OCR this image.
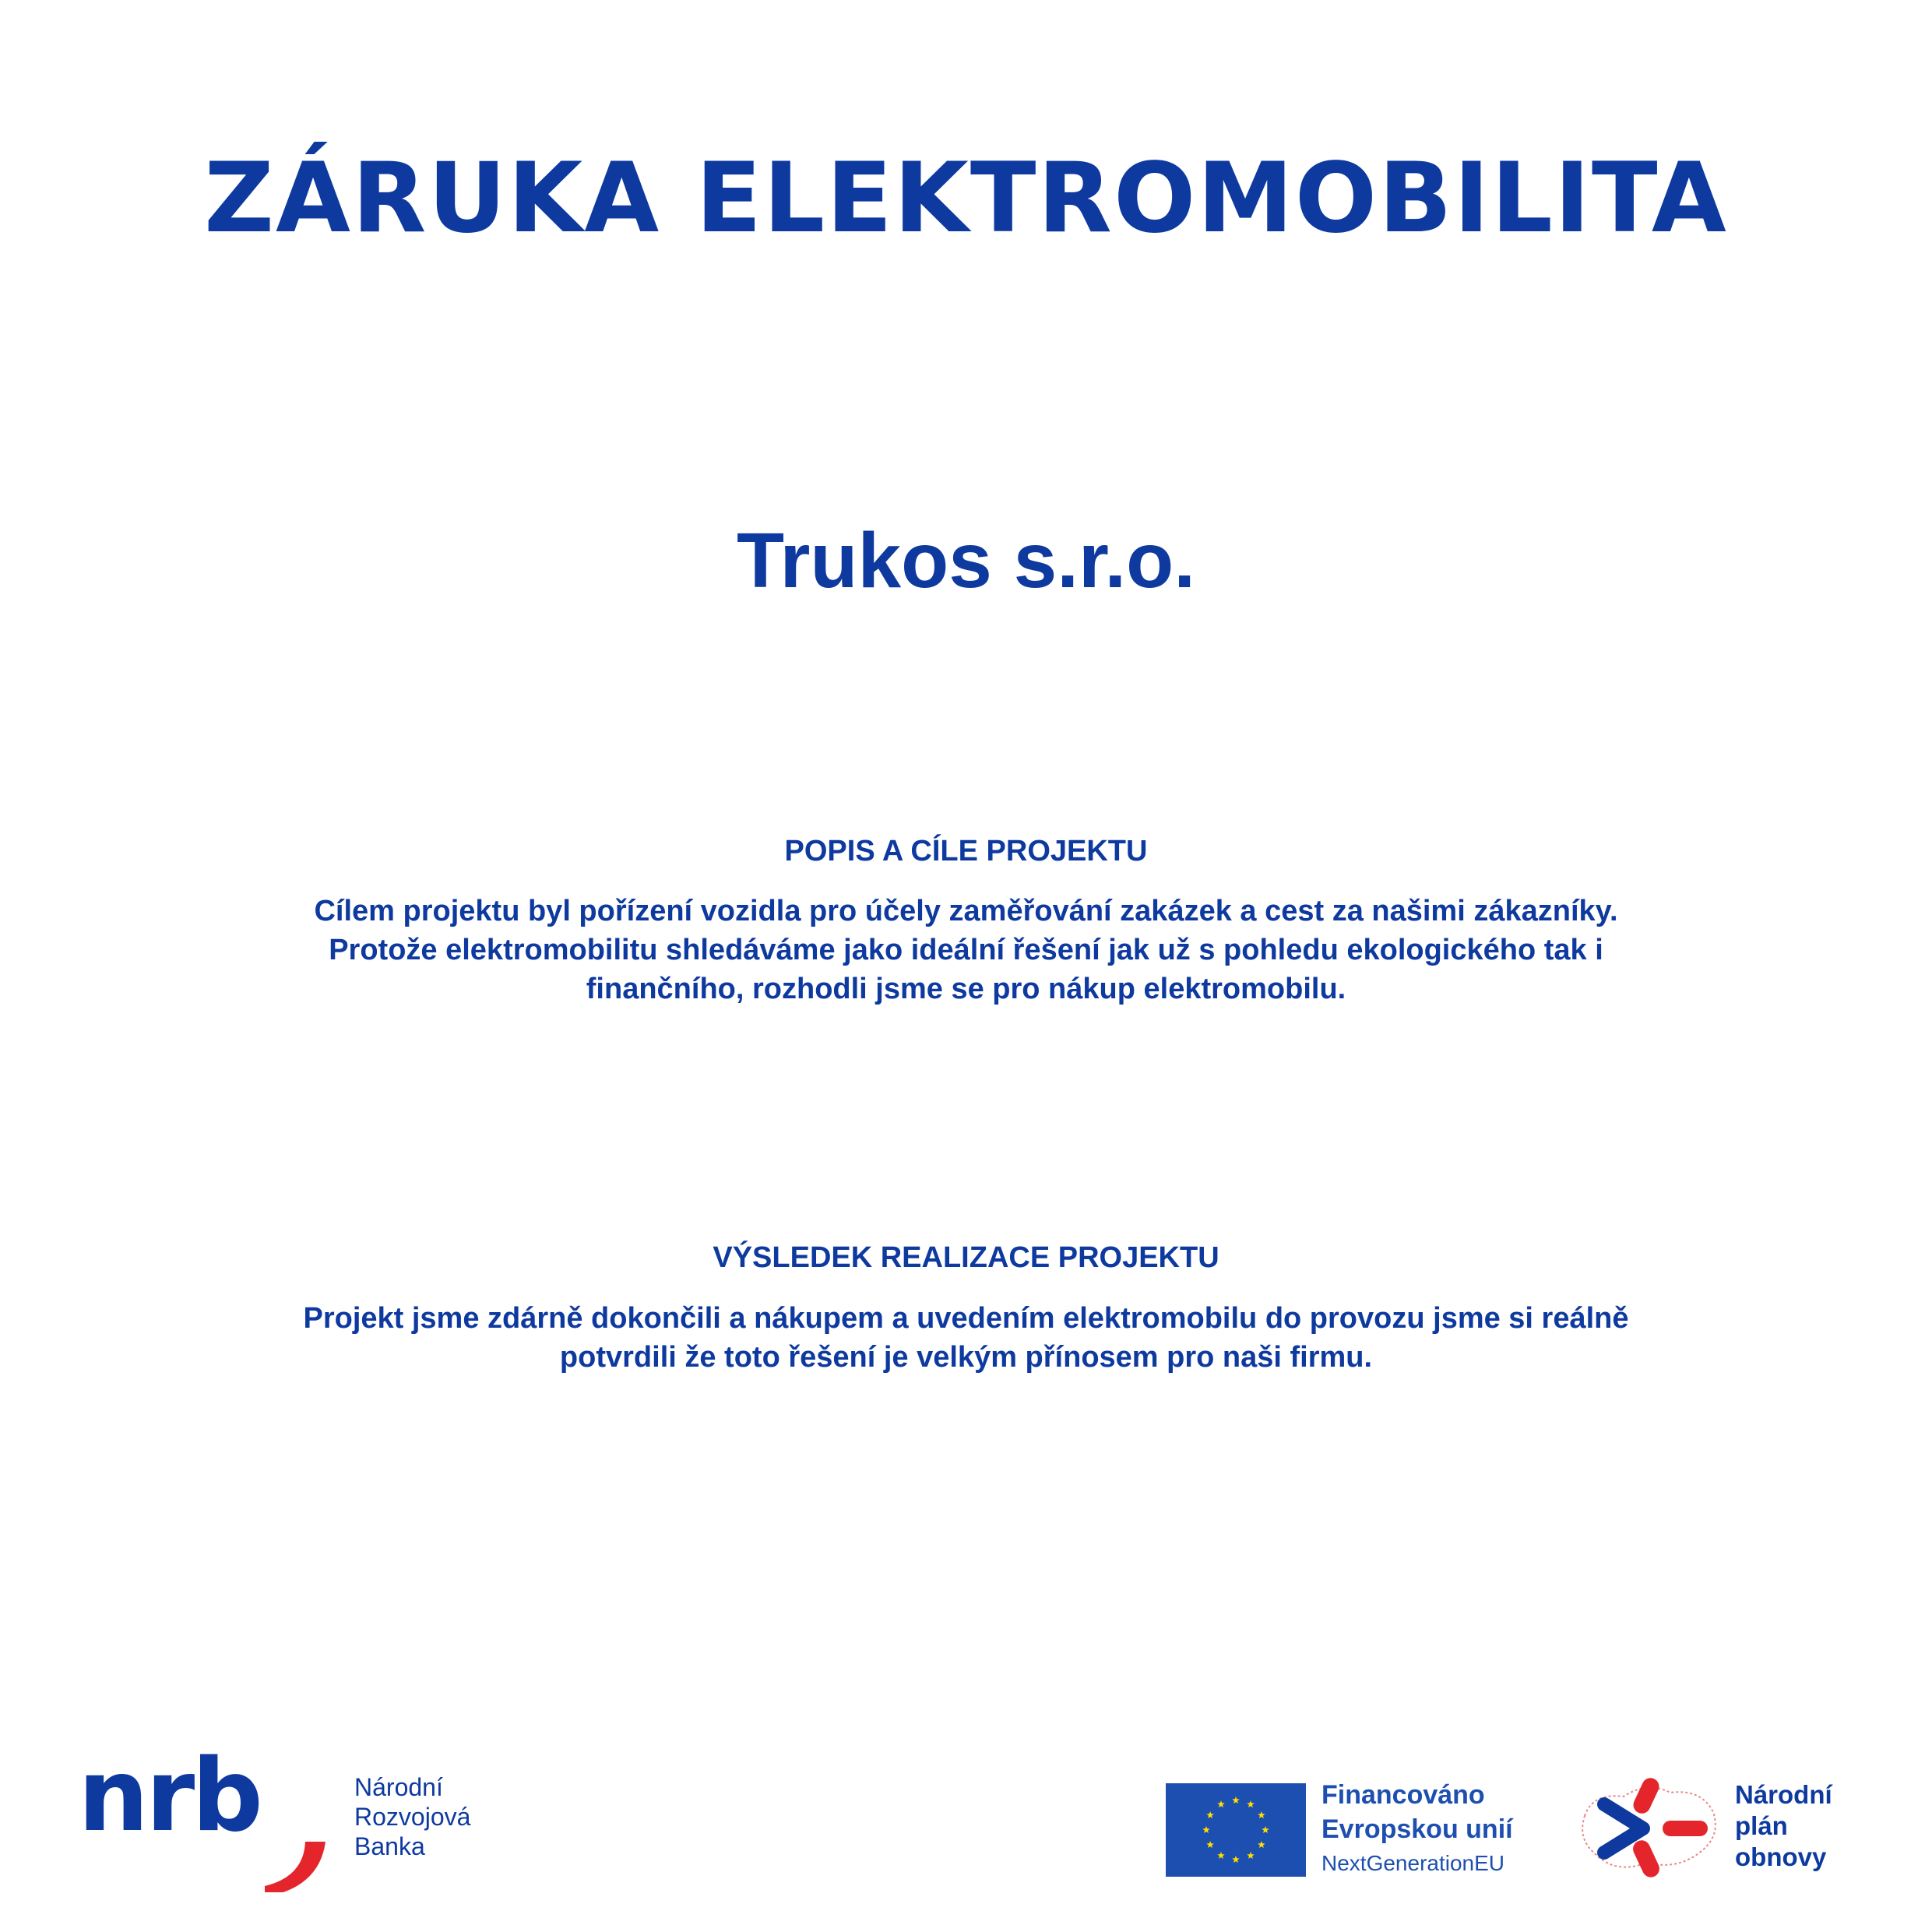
ZÁRUKA ELEKTROMOBILITA
Trukos s.r.o.
POPIS A CÍLE PROJEKTU
Cílem projektu byl pořízení vozidla pro účely zaměřování zakázek a cest za našimi zákazníky.
Protože elektromobilitu shledáváme jako ideální řešení jak už s pohledu ekologického tak i
finančního, rozhodli jsme se pro nákup elektromobilu.
VÝSLEDEK REALIZACE PROJEKTU
Projekt jsme zdárně dokončili a nákupem a uvedením elektromobilu do provozu jsme si reálně
potvrdili že toto řešení je velkým přínosem pro naši firmu.
nrb	Národní
Rozvojová
Banka
Financováno
Evropskou unií
NextGenerationEU
Národní
plán
obnovy
